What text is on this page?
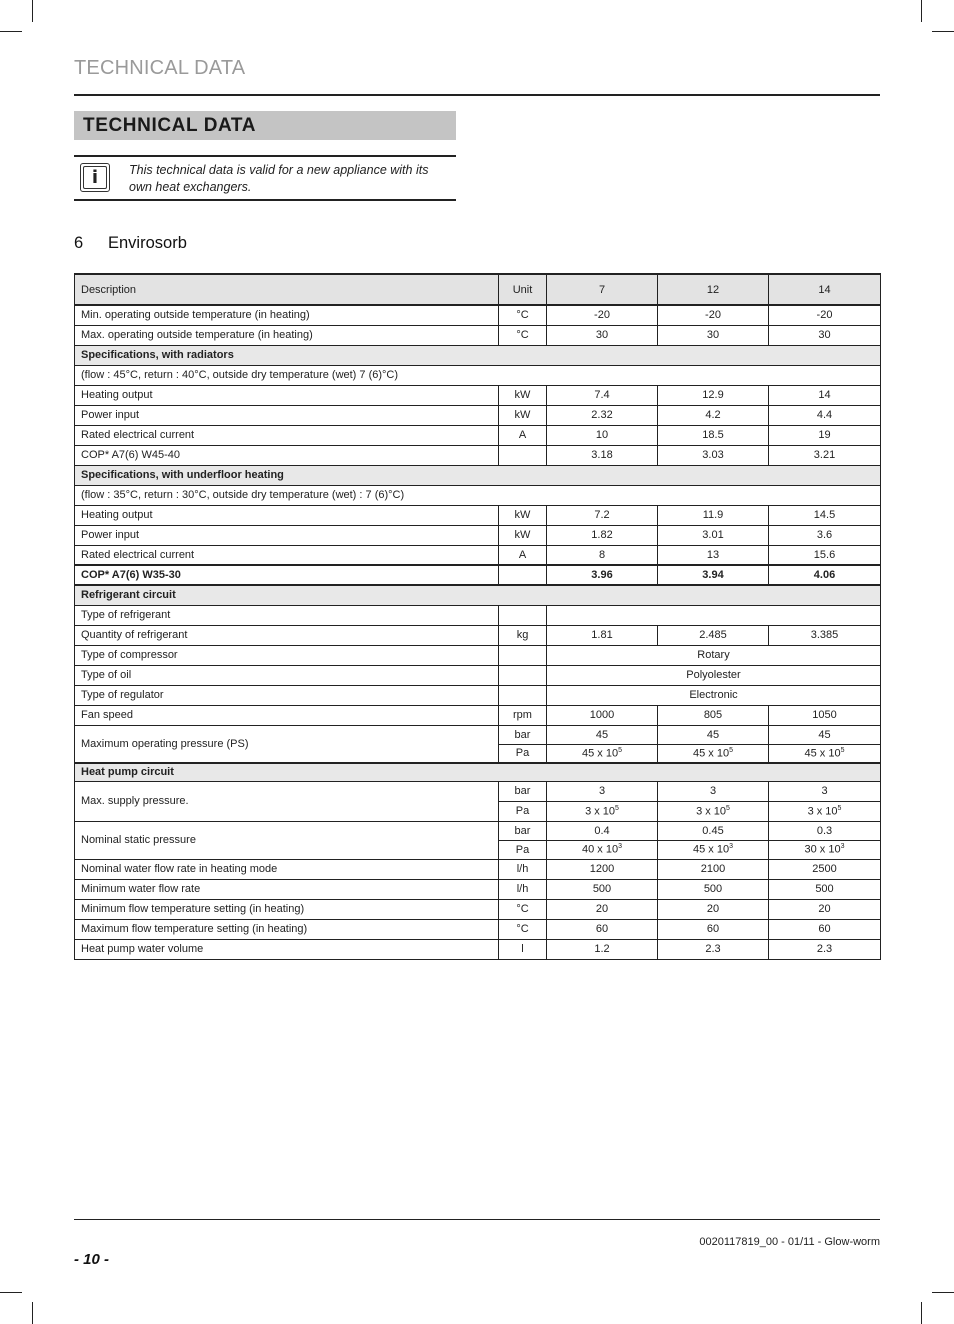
TECHNICAL DATA
TECHNICAL DATA
i	This technical data is valid for a new appliance with its
own heat exchangers.
6 Envirosorb
Description	Unit	7	12	14
Min. operating outside temperature (in heating)	°C	-20	-20	-20
Max. operating outside temperature (in heating)	°C	30	30	30
Specifications, with radiators				
(flow : 45°C, return : 40°C, outside dry temperature (wet) 7 (6)°C)				
Heating output	kW	7.4	12.9	14
Power input	kW	2.32	4.2	4.4
Rated electrical current	A	10	18.5	19
COP* A7(6) W45-40		3.18	3.03	3.21
Specifications, with underfloor heating				
(flow : 35°C, return : 30°C, outside dry temperature (wet) : 7 (6)°C)				
Heating output	kW	7.2	11.9	14.5
Power input	kW	1.82	3.01	3.6
Rated electrical current	A	8	13	15.6
COP* A7(6) W35-30		3.96	3.94	4.06
Refrigerant circuit				
Type of refrigerant				
Quantity of refrigerant	kg	1.81	2.485	3.385
Type of compressor		Rotary		
Type of oil		Polyolester		
Type of regulator		Electronic		
Fan speed	rpm	1000	805	1050
Maximum operating pressure (PS)	bar	45	45	45
	Pa	45 x $10^5$	45 x $10^5$	45 x $10^5$
Heat pump circuit				
Max. supply pressure.	bar	3	3	3
	Pa	3 x $10^5$	3 x $10^5$	3 x $10^5$
Nominal static pressure	bar	0.4	0.45	0.3
	Pa	40 x $10^3$	45 x $10^3$	30 x $10^3$
Nominal water flow rate in heating mode	l/h	1200	2100	2500
Minimum water flow rate	l/h	500	500	500
Minimum flow temperature setting (in heating)	°C	20	20	20
Maximum flow temperature setting (in heating)	°C	60	60	60
Heat pump water volume	l	1.2	2.3	2.3
0020117819_00 - 01/11 - Glow-worm
- 10 -
